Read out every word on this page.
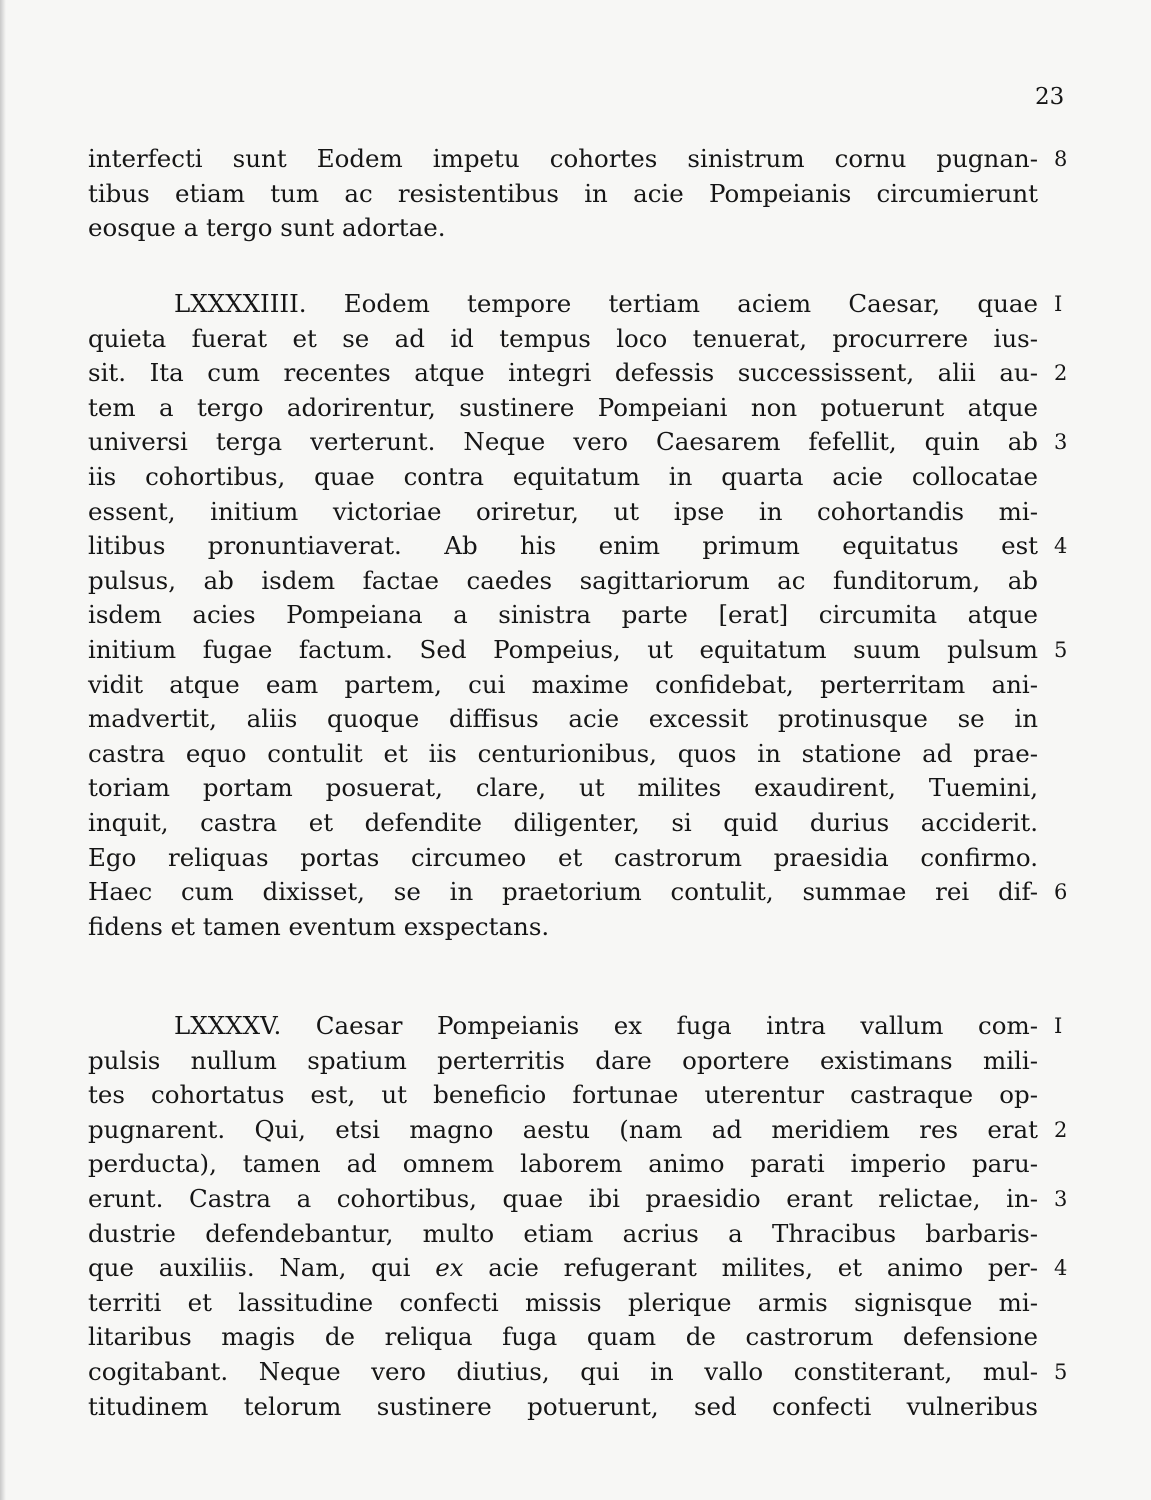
23
interfecti sunt Eodem impetu cohortes sinistrum cornu pugnan- 8
tibus etiam tum ac resistentibus in acie Pompeianis circumierunt
eosque a tergo sunt adortae.
LXXXXIIII. Eodem tempore tertiam aciem Caesar, quae I
quieta fuerat et se ad id tempus loco tenuerat, procurrere ius-
sit. Ita cum recentes atque integri defessis successissent, alii au- 2
tem a tergo adorirentur, sustinere Pompeiani non potuerunt atque
universi terga verterunt. Neque vero Caesarem fefellit, quin ab 3
iis cohortibus, quae contra equitatum in quarta acie collocatae
essent, initium victoriae oriretur, ut ipse in cohortandis mi-
litibus pronuntiaverat. Ab his enim primum equitatus est 4
pulsus, ab isdem factae caedes sagittariorum ac funditorum, ab
isdem acies Pompeiana a sinistra parte [erat] circumita atque
initium fugae factum. Sed Pompeius, ut equitatum suum pulsum 5
vidit atque eam partem, cui maxime confidebat, perterritam ani-
madvertit, aliis quoque diffisus acie excessit protinusque se in
castra equo contulit et iis centurionibus, quos in statione ad prae-
toriam portam posuerat, clare, ut milites exaudirent, Tuemini,
inquit, castra et defendite diligenter, si quid durius acciderit.
Ego reliquas portas circumeo et castrorum praesidia confirmo.
Haec cum dixisset, se in praetorium contulit, summae rei dif- 6
fidens et tamen eventum exspectans.
LXXXXV. Caesar Pompeianis ex fuga intra vallum com- I
pulsis nullum spatium perterritis dare oportere existimans mili-
tes cohortatus est, ut beneficio fortunae uterentur castraque op-
pugnarent. Qui, etsi magno aestu (nam ad meridiem res erat 2
perducta), tamen ad omnem laborem animo parati imperio paru-
erunt. Castra a cohortibus, quae ibi praesidio erant relictae, in- 3
dustrie defendebantur, multo etiam acrius a Thracibus barbaris-
que auxiliis. Nam, qui ex acie refugerant milites, et animo per- 4
territi et lassitudine confecti missis plerique armis signisque mi-
litaribus magis de reliqua fuga quam de castrorum defensione
cogitabant. Neque vero diutius, qui in vallo constiterant, mul- 5
titudinem telorum sustinere potuerunt, sed confecti vulneribus
